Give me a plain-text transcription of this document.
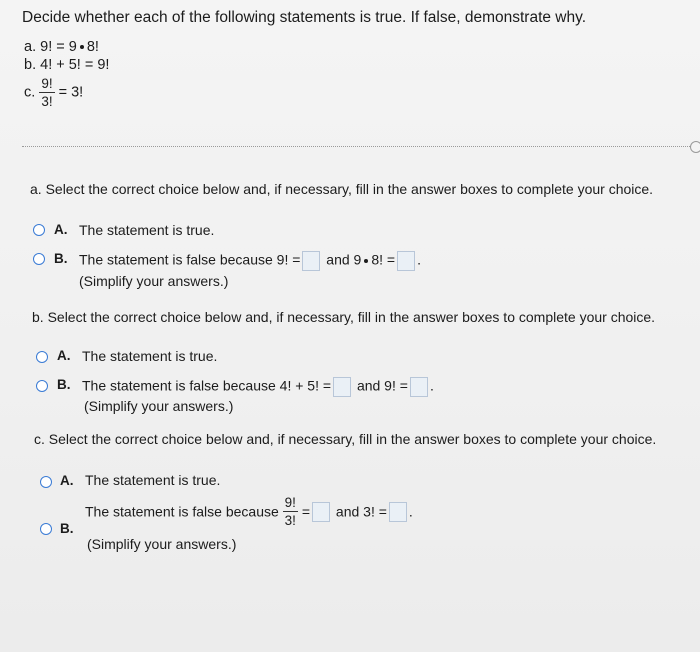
Decide whether each of the following statements is true. If false, demonstrate why.
a. 9! = 9 8!
b. 4! + 5! = 9!
c. $\frac{9!}{3!} = 3$!
a. Select the correct choice below and, if necessary, fill in the answer boxes to complete your choice.
A. The statement is true.
B. The statement is false because 9! = and 9 8! = .
(Simplify your answers.)
b. Select the correct choice below and, if necessary, fill in the answer boxes to complete your choice.
A. The statement is true.
B. The statement is false because 4! + 5! = and 9! = .
(Simplify your answers.)
c. Select the correct choice below and, if necessary, fill in the answer boxes to complete your choice.
A. The statement is true.
B.
The statement is false because $\frac{9!}{3!}$ = and 3! = .
(Simplify your answers.)
